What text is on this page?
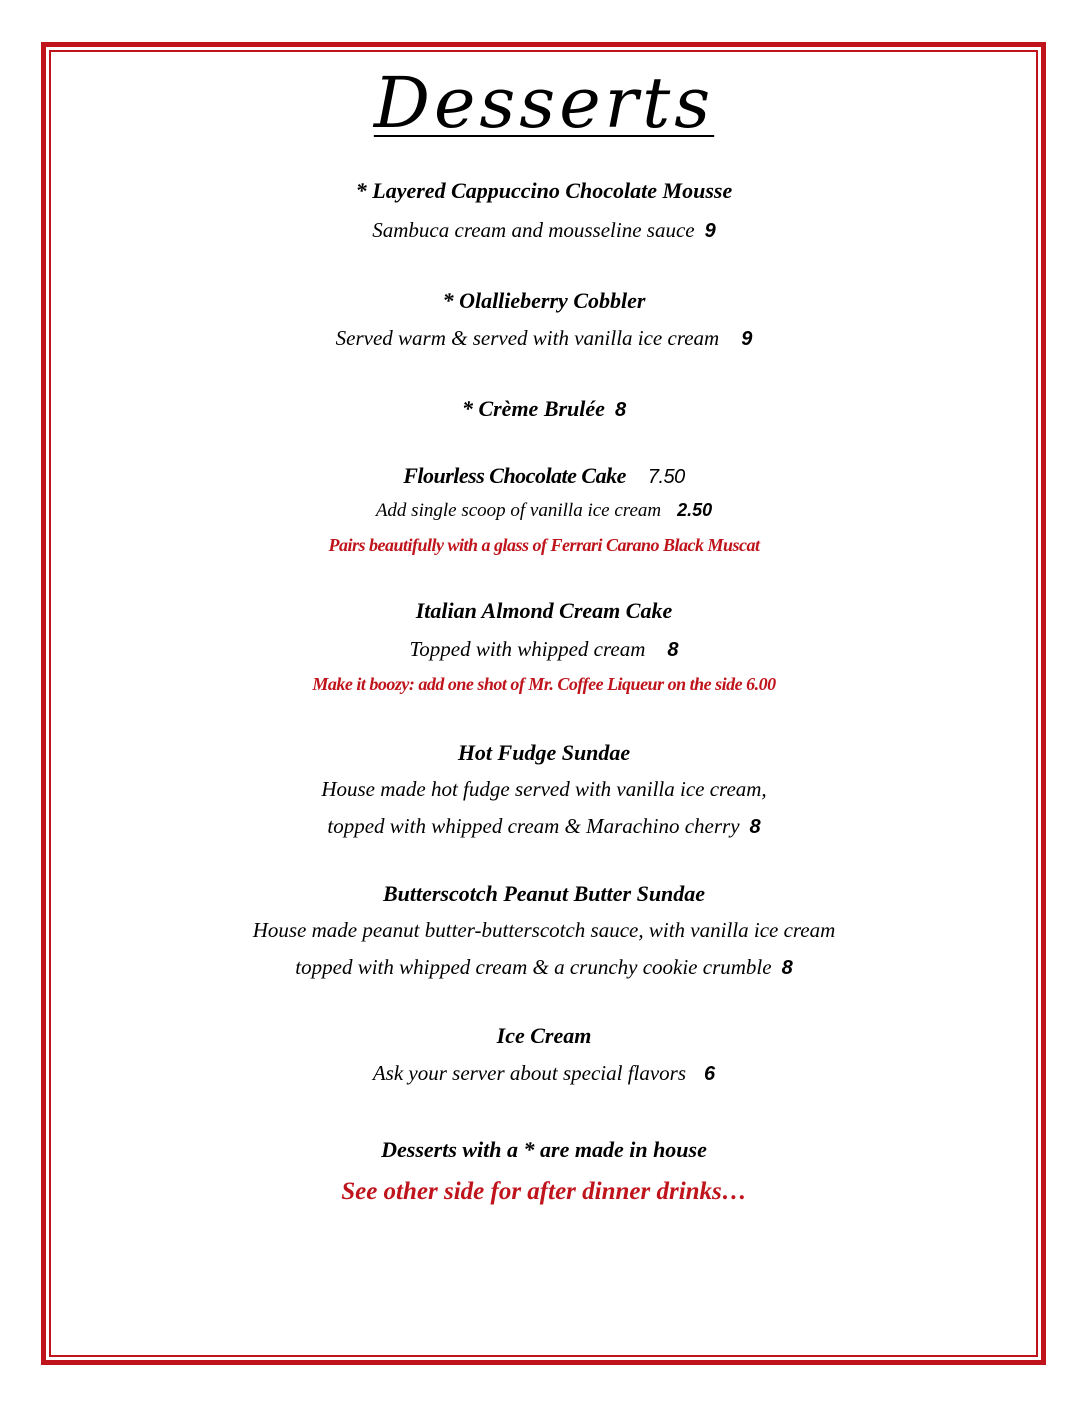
Desserts
* Layered Cappuccino Chocolate Mousse
Sambuca cream and mousseline sauce 9
* Olallieberry Cobbler
Served warm & served with vanilla ice cream 9
* Crème Brulée 8
Flourless Chocolate Cake 7.50
Add single scoop of vanilla ice cream 2.50
Pairs beautifully with a glass of Ferrari Carano Black Muscat
Italian Almond Cream Cake
Topped with whipped cream 8
Make it boozy: add one shot of Mr. Coffee Liqueur on the side 6.00
Hot Fudge Sundae
House made hot fudge served with vanilla ice cream,
topped with whipped cream & Marachino cherry 8
Butterscotch Peanut Butter Sundae
House made peanut butter-butterscotch sauce, with vanilla ice cream
topped with whipped cream & a crunchy cookie crumble 8
Ice Cream
Ask your server about special flavors 6
Desserts with a * are made in house
See other side for after dinner drinks…
